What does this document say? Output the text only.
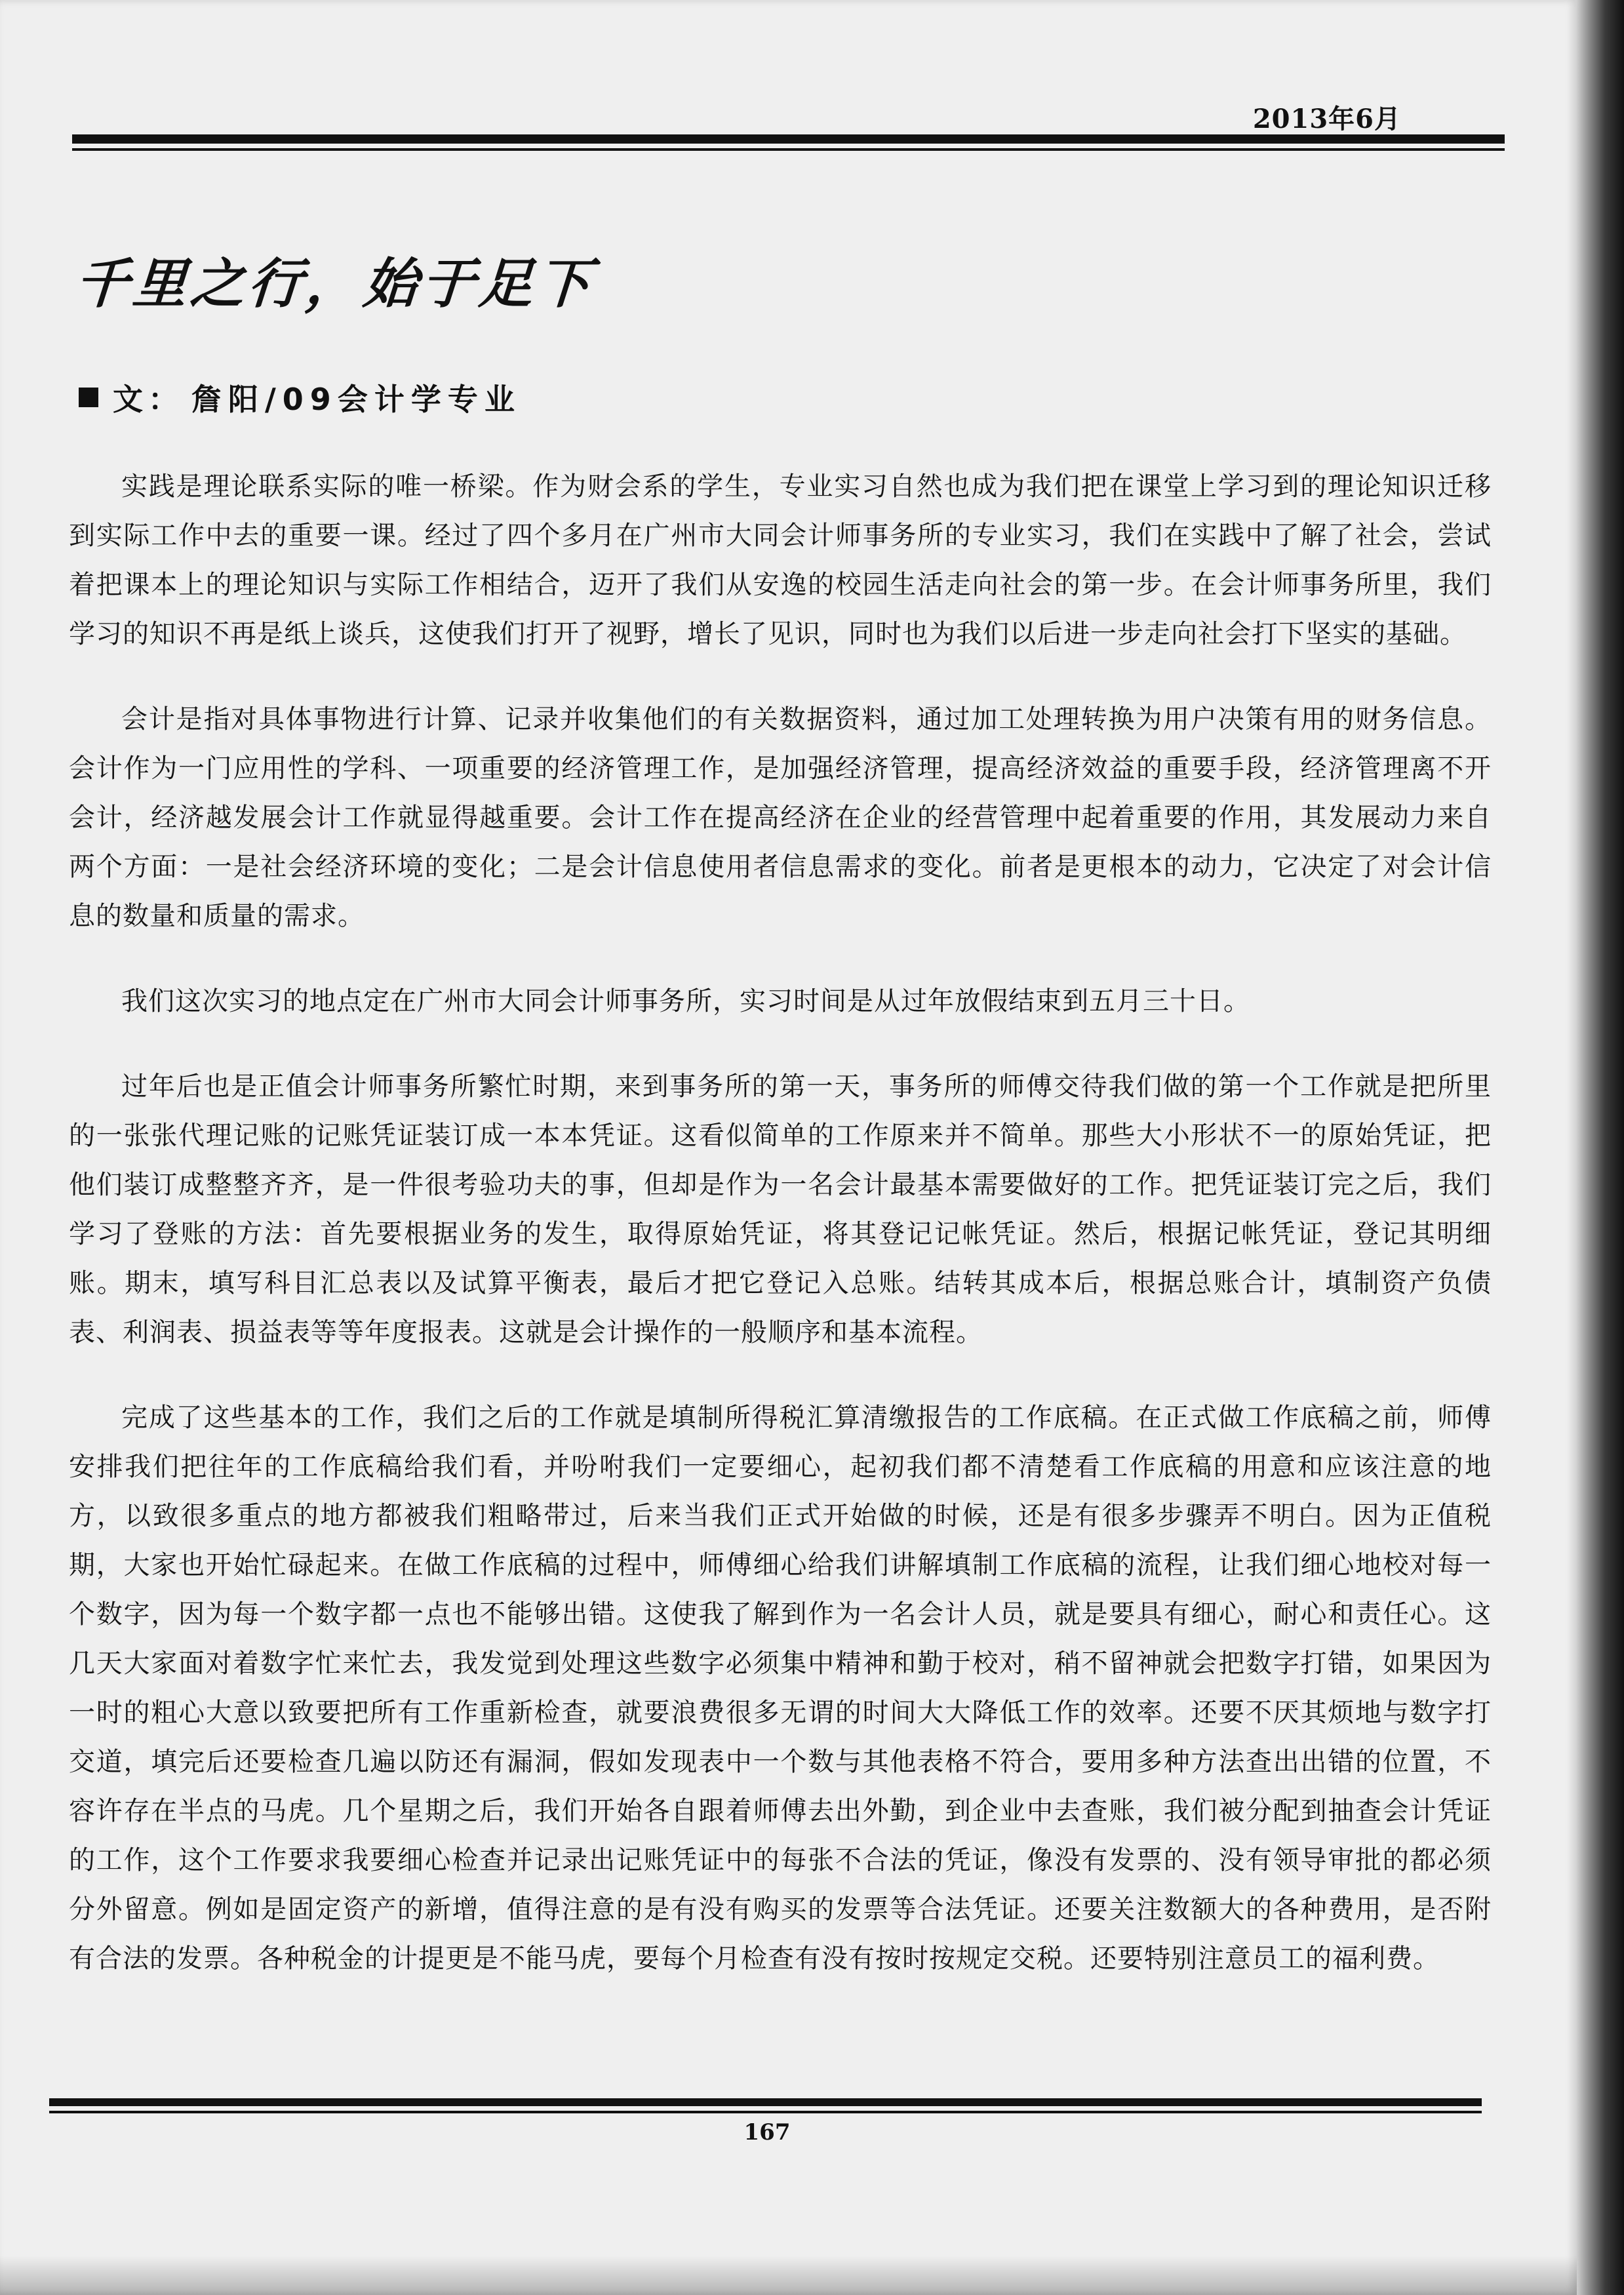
2013年6月
千里之行，始于足下
文： 詹阳/09会计学专业

实践是理论联系实际的唯一桥梁。作为财会系的学生，专业实习自然也成为我们把在课堂上学习到的理论知识迁移到实际工作中去的重要一课。经过了四个多月在广州市大同会计师事务所的专业实习，我们在实践中了解了社会，尝试着把课本上的理论知识与实际工作相结合，迈开了我们从安逸的校园生活走向社会的第一步。在会计师事务所里，我们学习的知识不再是纸上谈兵，这使我们打开了视野，增长了见识，同时也为我们以后进一步走向社会打下坚实的基础。

会计是指对具体事物进行计算、记录并收集他们的有关数据资料，通过加工处理转换为用户决策有用的财务信息。会计作为一门应用性的学科、一项重要的经济管理工作，是加强经济管理，提高经济效益的重要手段，经济管理离不开会计，经济越发展会计工作就显得越重要。会计工作在提高经济在企业的经营管理中起着重要的作用，其发展动力来自两个方面：一是社会经济环境的变化；二是会计信息使用者信息需求的变化。前者是更根本的动力，它决定了对会计信息的数量和质量的需求。

我们这次实习的地点定在广州市大同会计师事务所，实习时间是从过年放假结束到五月三十日。

过年后也是正值会计师事务所繁忙时期，来到事务所的第一天，事务所的师傅交待我们做的第一个工作就是把所里的一张张代理记账的记账凭证装订成一本本凭证。这看似简单的工作原来并不简单。那些大小形状不一的原始凭证，把他们装订成整整齐齐，是一件很考验功夫的事，但却是作为一名会计最基本需要做好的工作。把凭证装订完之后，我们学习了登账的方法：首先要根据业务的发生，取得原始凭证，将其登记记帐凭证。然后，根据记帐凭证，登记其明细账。期末，填写科目汇总表以及试算平衡表，最后才把它登记入总账。结转其成本后，根据总账合计，填制资产负债表、利润表、损益表等等年度报表。这就是会计操作的一般顺序和基本流程。

完成了这些基本的工作，我们之后的工作就是填制所得税汇算清缴报告的工作底稿。在正式做工作底稿之前，师傅安排我们把往年的工作底稿给我们看，并吩咐我们一定要细心，起初我们都不清楚看工作底稿的用意和应该注意的地方，以致很多重点的地方都被我们粗略带过，后来当我们正式开始做的时候，还是有很多步骤弄不明白。因为正值税期，大家也开始忙碌起来。在做工作底稿的过程中，师傅细心给我们讲解填制工作底稿的流程，让我们细心地校对每一个数字，因为每一个数字都一点也不能够出错。这使我了解到作为一名会计人员，就是要具有细心，耐心和责任心。这几天大家面对着数字忙来忙去，我发觉到处理这些数字必须集中精神和勤于校对，稍不留神就会把数字打错，如果因为一时的粗心大意以致要把所有工作重新检查，就要浪费很多无谓的时间大大降低工作的效率。还要不厌其烦地与数字打交道，填完后还要检查几遍以防还有漏洞，假如发现表中一个数与其他表格不符合，要用多种方法查出出错的位置，不容许存在半点的马虎。几个星期之后，我们开始各自跟着师傅去出外勤，到企业中去查账，我们被分配到抽查会计凭证的工作，这个工作要求我要细心检查并记录出记账凭证中的每张不合法的凭证，像没有发票的、没有领导审批的都必须分外留意。例如是固定资产的新增，值得注意的是有没有购买的发票等合法凭证。还要关注数额大的各种费用，是否附有合法的发票。各种税金的计提更是不能马虎，要每个月检查有没有按时按规定交税。还要特别注意员工的福利费。

167
